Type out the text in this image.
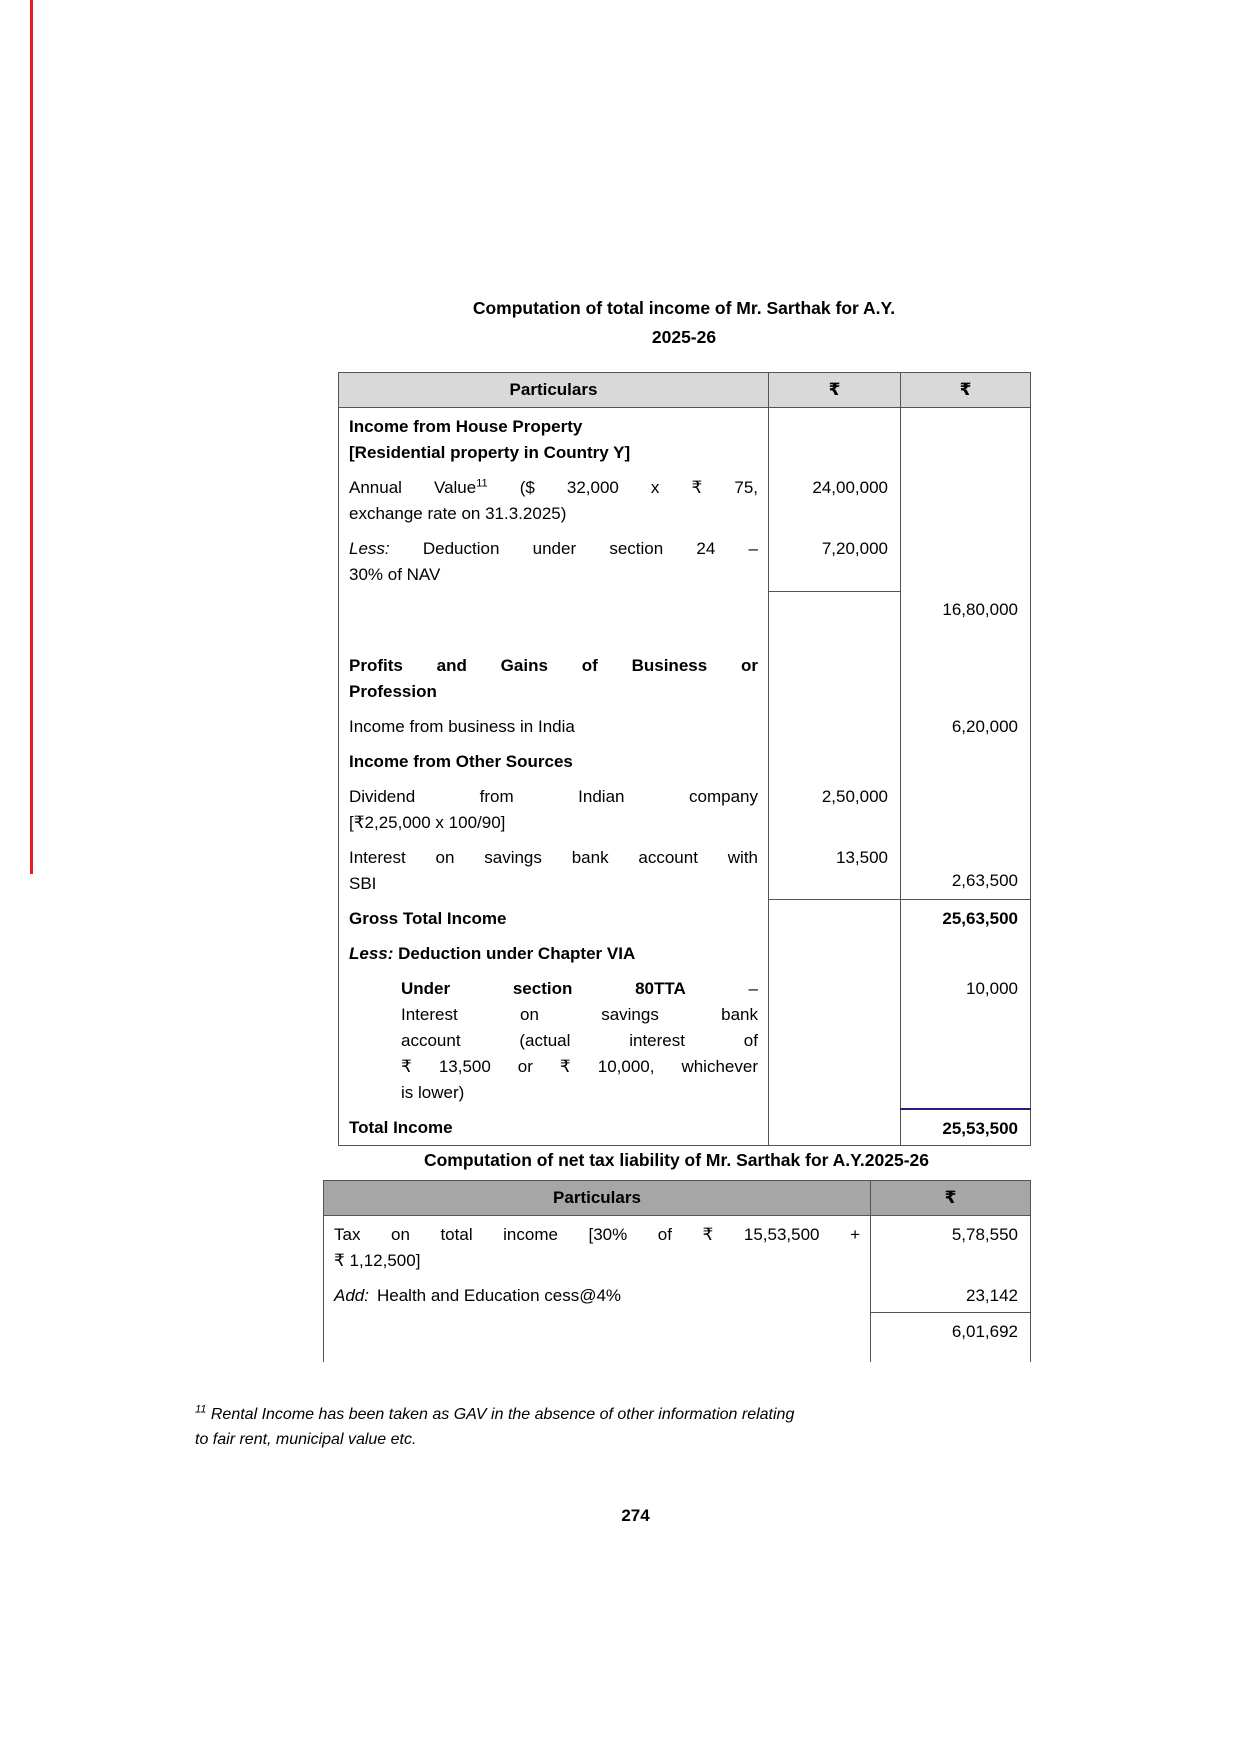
Computation of total income of Mr. Sarthak for A.Y.
2025-26
Particulars	₹	₹

Income from House Property
[Residential property in Country Y]		

Annual Value$^{11}$ ($ 32,000 x ₹ 75,
exchange rate on 31.3.2025)	24,00,000	

Less: Deduction under section 24 –
30% of NAV	7,20,000	
		16,80,000

Profits and Gains of Business or
Profession		

Income from business in India		6,20,000
Income from Other Sources		

Dividend from Indian company
[₹2,25,000 x 100/90]	2,50,000	

Interest on savings bank account with
SBI	13,500	2,63,500
Gross Total Income		25,63,500

Less: Deduction under Chapter VIA		

Under section 80TTA –
Interest on savings bank
account (actual interest of
₹ 13,500 or ₹ 10,000, whichever
is lower)		10,000
Total Income		25,53,500
Computation of net tax liability of Mr. Sarthak for A.Y.2025-26
Particulars	₹

Tax on total income [30% of ₹ 15,53,500 +
₹ 1,12,500]	5,78,550

Add: Health and Education cess@4%	23,142
	6,01,692
$^{11}$ Rental Income has been taken as GAV in the absence of other information relating
to fair rent, municipal value etc.
274
